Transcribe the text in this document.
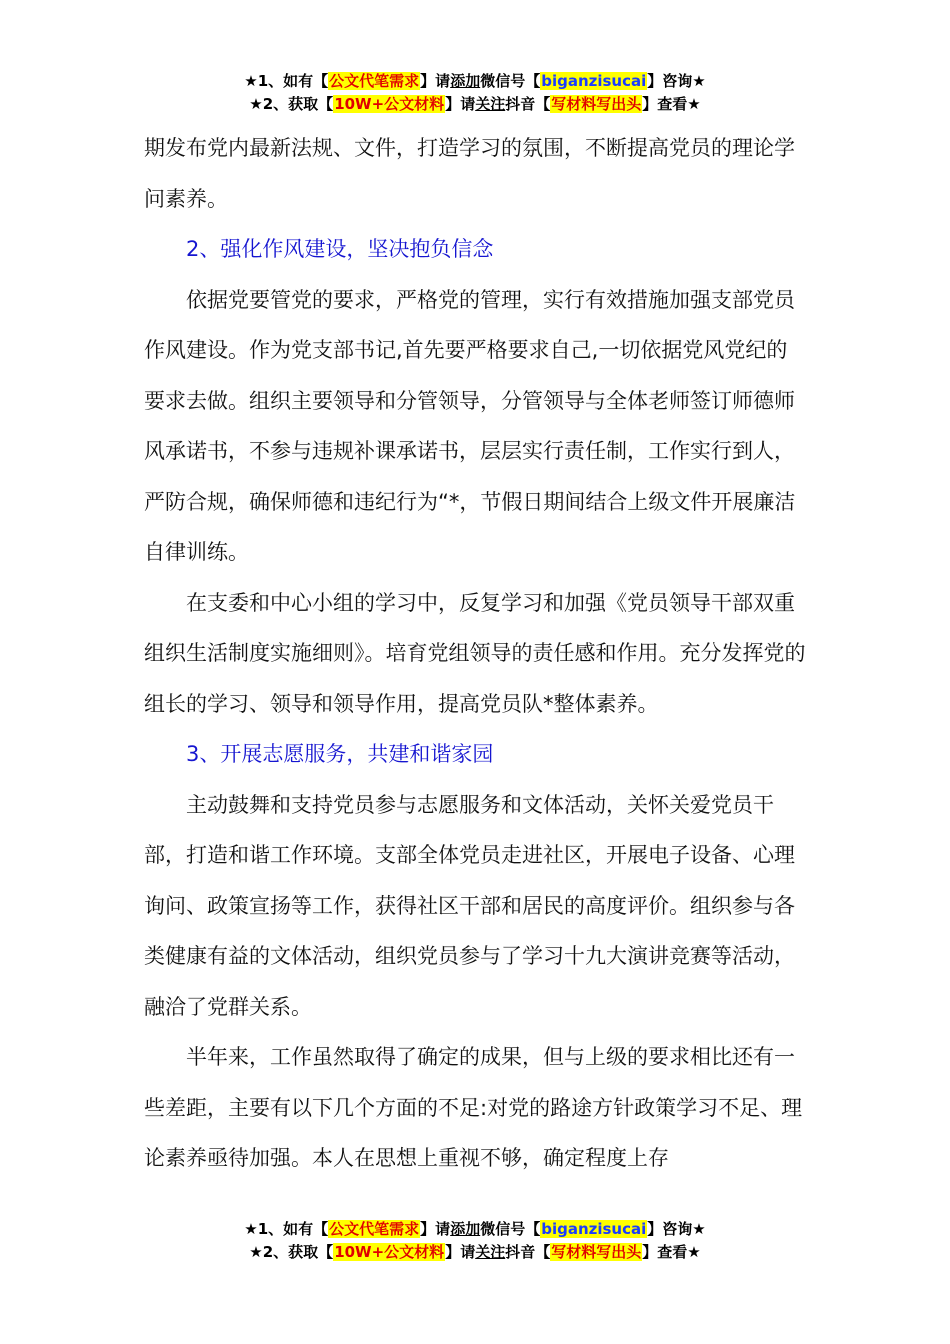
★1、如有【公文代笔需求】请添加微信号【biganzisucai】咨询★
★2、获取【10W+公文材料】请关注抖音【写材料写出头】查看★

期发布党内最新法规、文件，打造学习的氛围，不断提高党员的理论学问素养。

2、强化作风建设，坚决抱负信念

依据党要管党的要求，严格党的管理，实行有效措施加强支部党员作风建设。作为党支部书记,首先要严格要求自己,一切依据党风党纪的要求去做。组织主要领导和分管领导，分管领导与全体老师签订师德师风承诺书，不参与违规补课承诺书，层层实行责任制，工作实行到人，严防合规，确保师德和违纪行为“*，节假日期间结合上级文件开展廉洁自律训练。

在支委和中心小组的学习中，反复学习和加强《党员领导干部双重组织生活制度实施细则》。培育党组领导的责任感和作用。充分发挥党的组长的学习、领导和领导作用，提高党员队*整体素养。

3、开展志愿服务，共建和谐家园

主动鼓舞和支持党员参与志愿服务和文体活动，关怀关爱党员干部，打造和谐工作环境。支部全体党员走进社区，开展电子设备、心理询问、政策宣扬等工作，获得社区干部和居民的高度评价。组织参与各类健康有益的文体活动，组织党员参与了学习十九大演讲竞赛等活动，融洽了党群关系。

半年来，工作虽然取得了确定的成果，但与上级的要求相比还有一些差距，主要有以下几个方面的不足:对党的路途方针政策学习不足、理论素养亟待加强。本人在思想上重视不够，确定程度上存

★1、如有【公文代笔需求】请添加微信号【biganzisucai】咨询★
★2、获取【10W+公文材料】请关注抖音【写材料写出头】查看★
